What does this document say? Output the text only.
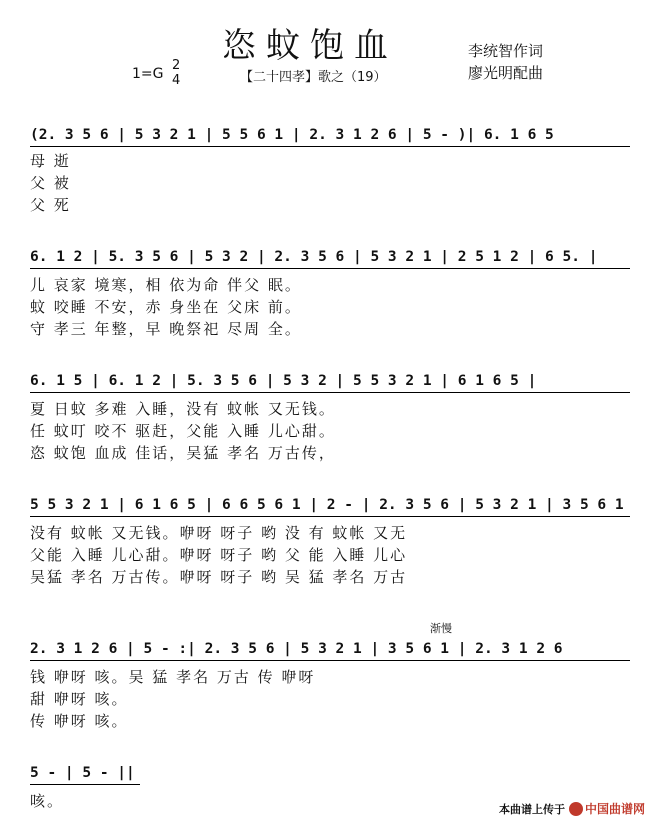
恣蚊饱血	李统智作词
廖光明配曲
1=G
2
4	【二十四孝】歌之（19）
(2. 3 5 6 | 5 3 2 1 | 5 5 6 1 | 2. 3 1 2 6 | 5 - )| 6. 1 6 5
母 逝
父 被
父 死
6. 1 2 | 5. 3 5 6 | 5 3 2 | 2. 3 5 6 | 5 3 2 1 | 2 5 1 2 | 6 5. |
儿 哀家 境寒，相 依为命 伴父 眠。
蚊 咬睡 不安，赤 身坐在 父床 前。
守 孝三 年整，早 晚祭祀 尽周 全。
6. 1 5 | 6. 1 2 | 5. 3 5 6 | 5 3 2 | 5 5 3 2 1 | 6 1 6 5 |
夏 日蚊 多难 入睡，没有 蚊帐 又无钱。
任 蚊叮 咬不 驱赶，父能 入睡 儿心甜。
恣 蚊饱 血成 佳话，吴猛 孝名 万古传，
5 5 3 2 1 | 6 1 6 5 | 6 6 5 6 1 | 2 - | 2. 3 5 6 | 5 3 2 1 | 3 5 6 1
没有 蚊帐 又无钱。咿呀 呀子 哟 没 有 蚊帐 又无
父能 入睡 儿心甜。咿呀 呀子 哟 父 能 入睡 儿心
吴猛 孝名 万古传。咿呀 呀子 哟 吴 猛 孝名 万古
渐慢
2. 3 1 2 6 | 5 - :| 2. 3 5 6 | 5 3 2 1 | 3 5 6 1 | 2. 3 1 2 6
钱 咿呀 咳。吴 猛 孝名 万古 传 咿呀
甜 咿呀 咳。
传 咿呀 咳。
5 - | 5 - ||
咳。	本曲谱上传于 中国曲谱网
